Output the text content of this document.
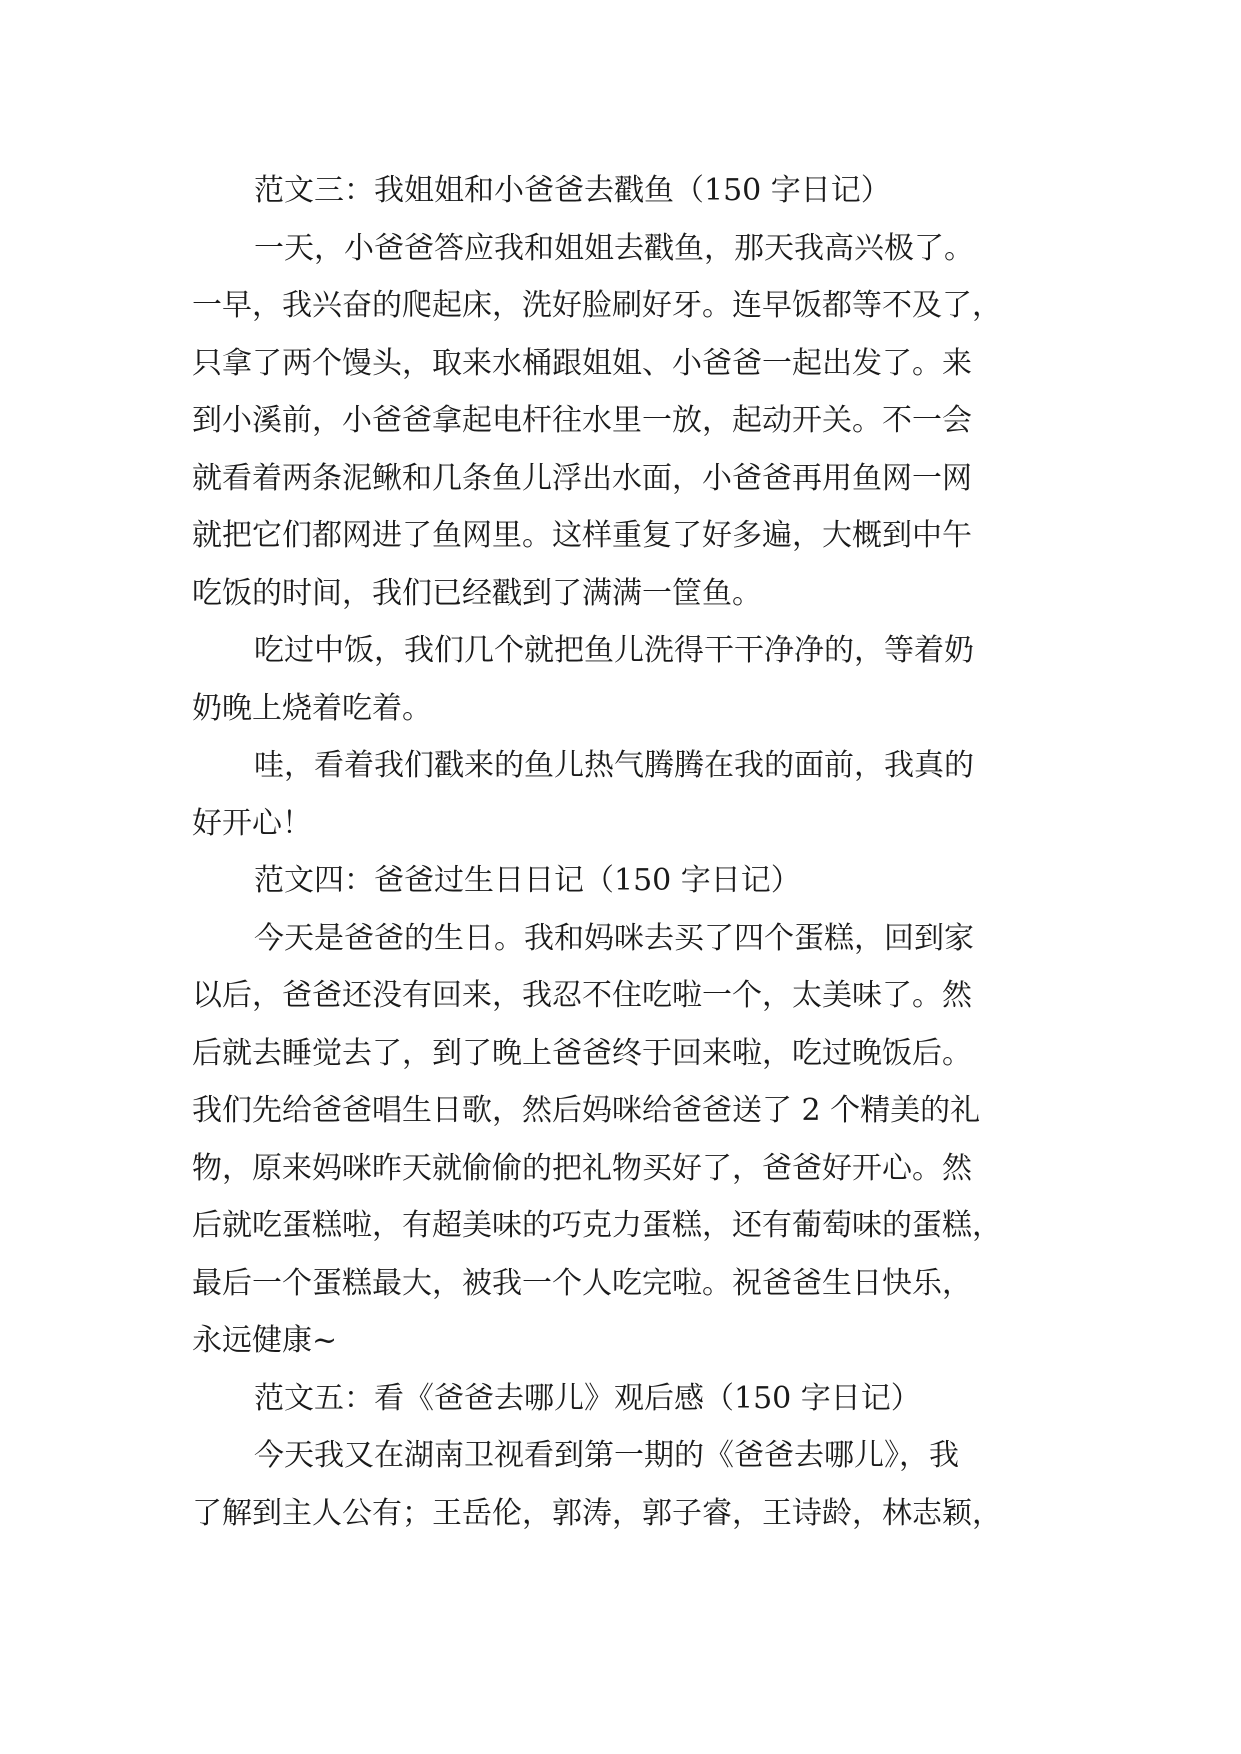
范文三：我姐姐和小爸爸去戳鱼（150 字日记）
一天，小爸爸答应我和姐姐去戳鱼，那天我高兴极了。
一早，我兴奋的爬起床，洗好脸刷好牙。连早饭都等不及了，
只拿了两个馒头，取来水桶跟姐姐、小爸爸一起出发了。来
到小溪前，小爸爸拿起电杆往水里一放，起动开关。不一会
就看着两条泥鳅和几条鱼儿浮出水面，小爸爸再用鱼网一网
就把它们都网进了鱼网里。这样重复了好多遍，大概到中午
吃饭的时间，我们已经戳到了满满一筐鱼。
吃过中饭，我们几个就把鱼儿洗得干干净净的，等着奶
奶晚上烧着吃着。
哇，看着我们戳来的鱼儿热气腾腾在我的面前，我真的
好开心！
范文四：爸爸过生日日记（150 字日记）
今天是爸爸的生日。我和妈咪去买了四个蛋糕，回到家
以后，爸爸还没有回来，我忍不住吃啦一个，太美味了。然
后就去睡觉去了，到了晚上爸爸终于回来啦，吃过晚饭后。
我们先给爸爸唱生日歌，然后妈咪给爸爸送了 2 个精美的礼
物，原来妈咪昨天就偷偷的把礼物买好了，爸爸好开心。然
后就吃蛋糕啦，有超美味的巧克力蛋糕，还有葡萄味的蛋糕，
最后一个蛋糕最大，被我一个人吃完啦。祝爸爸生日快乐，
永远健康~
范文五：看《爸爸去哪儿》观后感（150 字日记）
今天我又在湖南卫视看到第一期的《爸爸去哪儿》，我
了解到主人公有；王岳伦，郭涛，郭子睿，王诗龄，林志颖，
